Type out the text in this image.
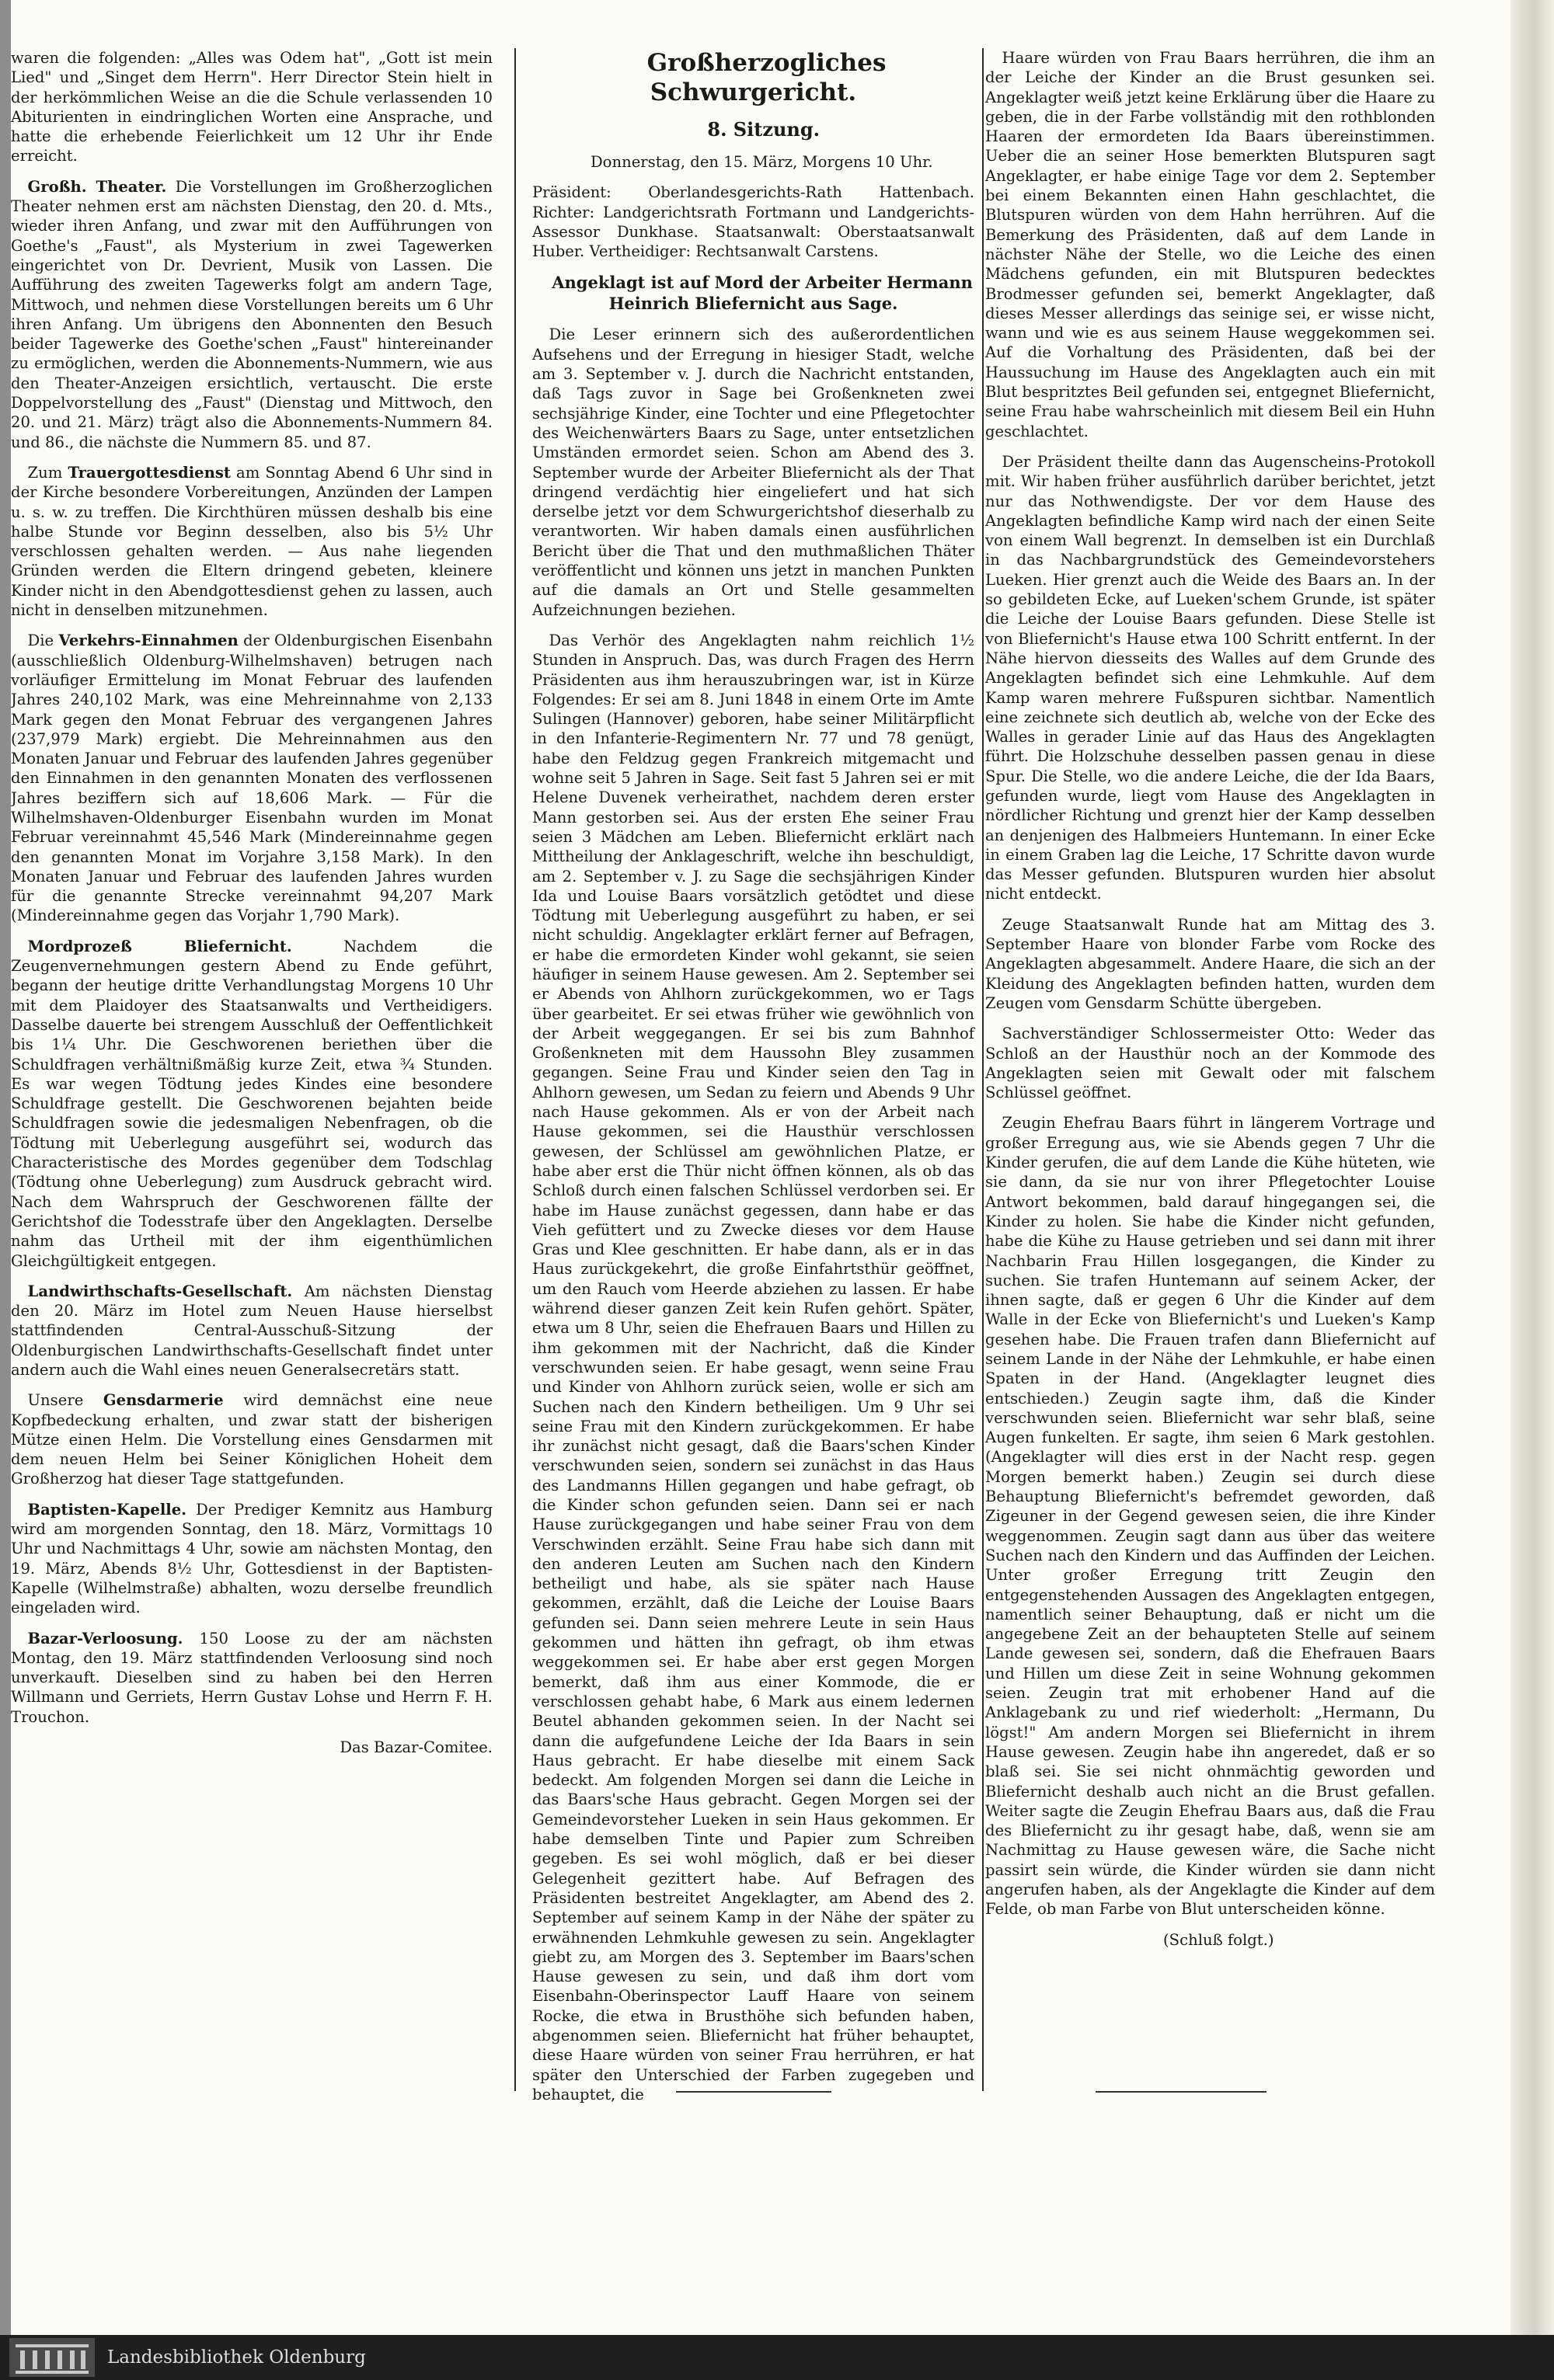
waren die folgenden: „Alles was Odem hat", „Gott ist mein Lied" und „Singet dem Herrn". Herr Director Stein hielt in der herkömmlichen Weise an die die Schule verlassenden 10 Abiturienten in eindringlichen Worten eine Ansprache, und hatte die erhebende Feierlichkeit um 12 Uhr ihr Ende erreicht.

Großh. Theater. Die Vorstellungen im Großherzoglichen Theater nehmen erst am nächsten Dienstag, den 20. d. Mts., wieder ihren Anfang, und zwar mit den Aufführungen von Goethe's „Faust", als Mysterium in zwei Tagewerken eingerichtet von Dr. Devrient, Musik von Lassen. Die Aufführung des zweiten Tagewerks folgt am andern Tage, Mittwoch, und nehmen diese Vorstellungen bereits um 6 Uhr ihren Anfang. Um übrigens den Abonnenten den Besuch beider Tagewerke des Goethe'schen „Faust" hintereinander zu ermöglichen, werden die Abonnements-Nummern, wie aus den Theater-Anzeigen ersichtlich, vertauscht. Die erste Doppelvorstellung des „Faust" (Dienstag und Mittwoch, den 20. und 21. März) trägt also die Abonnements-Nummern 84. und 86., die nächste die Nummern 85. und 87.

Zum Trauergottesdienst am Sonntag Abend 6 Uhr sind in der Kirche besondere Vorbereitungen, Anzünden der Lampen u. s. w. zu treffen. Die Kirchthüren müssen deshalb bis eine halbe Stunde vor Beginn desselben, also bis 5½ Uhr verschlossen gehalten werden. — Aus nahe liegenden Gründen werden die Eltern dringend gebeten, kleinere Kinder nicht in den Abendgottesdienst gehen zu lassen, auch nicht in denselben mitzunehmen.

Die Verkehrs-Einnahmen der Oldenburgischen Eisenbahn (ausschließlich Oldenburg-Wilhelmshaven) betrugen nach vorläufiger Ermittelung im Monat Februar des laufenden Jahres 240,102 Mark, was eine Mehreinnahme von 2,133 Mark gegen den Monat Februar des vergangenen Jahres (237,979 Mark) ergiebt. Die Mehreinnahmen aus den Monaten Januar und Februar des laufenden Jahres gegenüber den Einnahmen in den genannten Monaten des verflossenen Jahres beziffern sich auf 18,606 Mark. — Für die Wilhelmshaven-Oldenburger Eisenbahn wurden im Monat Februar vereinnahmt 45,546 Mark (Mindereinnahme gegen den genannten Monat im Vorjahre 3,158 Mark). In den Monaten Januar und Februar des laufenden Jahres wurden für die genannte Strecke vereinnahmt 94,207 Mark (Mindereinnahme gegen das Vorjahr 1,790 Mark).

Mordprozeß Bliefernicht.	Nachdem die Zeugenvernehmungen gestern Abend zu Ende geführt, begann der heutige dritte Verhandlungstag Morgens 10 Uhr mit dem Plaidoyer des Staatsanwalts und Vertheidigers. Dasselbe dauerte bei strengem Ausschluß der Oeffentlichkeit bis 1¼ Uhr. Die Geschworenen beriethen über die Schuldfragen verhältnißmäßig kurze Zeit, etwa ¾ Stunden. Es war wegen Tödtung jedes Kindes eine besondere Schuldfrage gestellt. Die Geschworenen bejahten beide Schuldfragen sowie die jedesmaligen Nebenfragen, ob die Tödtung mit Ueberlegung ausgeführt sei, wodurch das Characteristische des Mordes gegenüber dem Todschlag (Tödtung ohne Ueberlegung) zum Ausdruck gebracht wird. Nach dem Wahrspruch der Geschworenen fällte der Gerichtshof die Todesstrafe über den Angeklagten. Derselbe nahm das Urtheil mit der ihm eigenthümlichen Gleichgültigkeit entgegen.

Landwirthschafts-Gesellschaft. Am nächsten Dienstag den 20. März im Hotel zum Neuen Hause hierselbst stattfindenden Central-Ausschuß-Sitzung der Oldenburgischen Landwirthschafts-Gesellschaft findet unter andern auch die Wahl eines neuen Generalsecretärs statt.

Unsere Gensdarmerie wird demnächst eine neue Kopfbedeckung erhalten, und zwar statt der bisherigen Mütze einen Helm. Die Vorstellung eines Gensdarmen mit dem neuen Helm bei Seiner Königlichen Hoheit dem Großherzog hat dieser Tage stattgefunden.

Baptisten-Kapelle. Der Prediger Kemnitz aus Hamburg wird am morgenden Sonntag, den 18. März, Vormittags 10 Uhr und Nachmittags 4 Uhr, sowie am nächsten Montag, den 19. März, Abends 8½ Uhr, Gottesdienst in der Baptisten-Kapelle (Wilhelmstraße) abhalten, wozu derselbe freundlich eingeladen wird.

Bazar-Verloosung. 150 Loose zu der am nächsten Montag, den 19. März stattfindenden Verloosung sind noch unverkauft. Dieselben sind zu haben bei den Herren Willmann und Gerriets, Herrn Gustav Lohse und Herrn F. H. Trouchon.

Das Bazar-Comitee.

Großherzogliches Schwurgericht.

8. Sitzung.

Donnerstag, den 15. März, Morgens 10 Uhr.

Präsident: Oberlandesgerichts-Rath Hattenbach. Richter: Landgerichtsrath Fortmann und Landgerichts-Assessor Dunkhase. Staatsanwalt: Oberstaatsanwalt Huber. Vertheidiger: Rechtsanwalt Carstens.

Angeklagt ist auf Mord der Arbeiter Hermann Heinrich Bliefernicht aus Sage.

Die Leser erinnern sich des außerordentlichen Aufsehens und der Erregung in hiesiger Stadt, welche am 3. September v. J. durch die Nachricht entstanden, daß Tags zuvor in Sage bei Großenkneten zwei sechsjährige Kinder, eine Tochter und eine Pflegetochter des Weichenwärters Baars zu Sage, unter entsetzlichen Umständen ermordet seien. Schon am Abend des 3. September wurde der Arbeiter Bliefernicht als der That dringend verdächtig hier eingeliefert und hat sich derselbe jetzt vor dem Schwurgerichtshof dieserhalb zu verantworten. Wir haben damals einen ausführlichen Bericht über die That und den muthmaßlichen Thäter veröffentlicht und können uns jetzt in manchen Punkten auf die damals an Ort und Stelle gesammelten Aufzeichnungen beziehen.

Das Verhör des Angeklagten nahm reichlich 1½ Stunden in Anspruch. Das, was durch Fragen des Herrn Präsidenten aus ihm herauszubringen war, ist in Kürze Folgendes: Er sei am 8. Juni 1848 in einem Orte im Amte Sulingen (Hannover) geboren, habe seiner Militärpflicht in den Infanterie-Regimentern Nr. 77 und 78 genügt, habe den Feldzug gegen Frankreich mitgemacht und wohne seit 5 Jahren in Sage. Seit fast 5 Jahren sei er mit Helene Duvenek verheirathet, nachdem deren erster Mann gestorben sei. Aus der ersten Ehe seiner Frau seien 3 Mädchen am Leben. Bliefernicht erklärt nach Mittheilung der Anklageschrift, welche ihn beschuldigt, am 2. September v. J. zu Sage die sechsjährigen Kinder Ida und Louise Baars vorsätzlich getödtet und diese Tödtung mit Ueberlegung ausgeführt zu haben, er sei nicht schuldig. Angeklagter erklärt ferner auf Befragen, er habe die ermordeten Kinder wohl gekannt, sie seien häufiger in seinem Hause gewesen. Am 2. September sei er Abends von Ahlhorn zurückgekommen, wo er Tags über gearbeitet. Er sei etwas früher wie gewöhnlich von der Arbeit weggegangen. Er sei bis zum Bahnhof Großenkneten mit dem Haussohn Bley zusammen gegangen. Seine Frau und Kinder seien den Tag in Ahlhorn gewesen, um Sedan zu feiern und Abends 9 Uhr nach Hause gekommen. Als er von der Arbeit nach Hause gekommen, sei die Hausthür verschlossen gewesen, der Schlüssel am gewöhnlichen Platze, er habe aber erst die Thür nicht öffnen können, als ob das Schloß durch einen falschen Schlüssel verdorben sei. Er habe im Hause zunächst gegessen, dann habe er das Vieh gefüttert und zu Zwecke dieses vor dem Hause Gras und Klee geschnitten. Er habe dann, als er in das Haus zurückgekehrt, die große Einfahrtsthür geöffnet, um den Rauch vom Heerde abziehen zu lassen. Er habe während dieser ganzen Zeit kein Rufen gehört. Später, etwa um 8 Uhr, seien die Ehefrauen Baars und Hillen zu ihm gekommen mit der Nachricht, daß die Kinder verschwunden seien. Er habe gesagt, wenn seine Frau und Kinder von Ahlhorn zurück seien, wolle er sich am Suchen nach den Kindern betheiligen. Um 9 Uhr sei seine Frau mit den Kindern zurückgekommen. Er habe ihr zunächst nicht gesagt, daß die Baars'schen Kinder verschwunden seien, sondern sei zunächst in das Haus des Landmanns Hillen gegangen und habe gefragt, ob die Kinder schon gefunden seien. Dann sei er nach Hause zurückgegangen und habe seiner Frau von dem Verschwinden erzählt. Seine Frau habe sich dann mit den anderen Leuten am Suchen nach den Kindern betheiligt und habe, als sie später nach Hause gekommen, erzählt, daß die Leiche der Louise Baars gefunden sei. Dann seien mehrere Leute in sein Haus gekommen und hätten ihn gefragt, ob ihm etwas weggekommen sei. Er habe aber erst gegen Morgen bemerkt, daß ihm aus einer Kommode, die er verschlossen gehabt habe, 6 Mark aus einem ledernen Beutel abhanden gekommen seien. In der Nacht sei dann die aufgefundene Leiche der Ida Baars in sein Haus gebracht. Er habe dieselbe mit einem Sack bedeckt. Am folgenden Morgen sei dann die Leiche in das Baars'sche Haus gebracht. Gegen Morgen sei der Gemeindevorsteher Lueken in sein Haus gekommen. Er habe demselben Tinte und Papier zum Schreiben gegeben. Es sei wohl möglich, daß er bei dieser Gelegenheit gezittert habe. Auf Befragen des Präsidenten bestreitet Angeklagter, am Abend des 2. September auf seinem Kamp in der Nähe der später zu erwähnenden Lehmkuhle gewesen zu sein. Angeklagter giebt zu, am Morgen des 3. September im Baars'schen Hause gewesen zu sein, und daß ihm dort vom Eisenbahn-Oberinspector Lauff Haare von seinem Rocke, die etwa in Brusthöhe sich befunden haben, abgenommen seien. Bliefernicht hat früher behauptet, diese Haare würden von seiner Frau herrühren, er hat später den Unterschied der Farben zugegeben und behauptet, die

Haare würden von Frau Baars herrühren, die ihm an der Leiche der Kinder an die Brust gesunken sei. Angeklagter weiß jetzt keine Erklärung über die Haare zu geben, die in der Farbe vollständig mit den rothblonden Haaren der ermordeten Ida Baars übereinstimmen. Ueber die an seiner Hose bemerkten Blutspuren sagt Angeklagter, er habe einige Tage vor dem 2. September bei einem Bekannten einen Hahn geschlachtet, die Blutspuren würden von dem Hahn herrühren. Auf die Bemerkung des Präsidenten, daß auf dem Lande in nächster Nähe der Stelle, wo die Leiche des einen Mädchens gefunden, ein mit Blutspuren bedecktes Brodmesser gefunden sei, bemerkt Angeklagter, daß dieses Messer allerdings das seinige sei, er wisse nicht, wann und wie es aus seinem Hause weggekommen sei. Auf die Vorhaltung des Präsidenten, daß bei der Haussuchung im Hause des Angeklagten auch ein mit Blut bespritztes Beil gefunden sei, entgegnet Bliefernicht, seine Frau habe wahrscheinlich mit diesem Beil ein Huhn geschlachtet.

Der Präsident theilte dann das Augenscheins-Protokoll mit. Wir haben früher ausführlich darüber berichtet, jetzt nur das Nothwendigste. Der vor dem Hause des Angeklagten befindliche Kamp wird nach der einen Seite von einem Wall begrenzt. In demselben ist ein Durchlaß in das Nachbargrundstück des Gemeindevorstehers Lueken. Hier grenzt auch die Weide des Baars an. In der so gebildeten Ecke, auf Lueken'schem Grunde, ist später die Leiche der Louise Baars gefunden. Diese Stelle ist von Bliefernicht's Hause etwa 100 Schritt entfernt. In der Nähe hiervon diesseits des Walles auf dem Grunde des Angeklagten befindet sich eine Lehmkuhle. Auf dem Kamp waren mehrere Fußspuren sichtbar. Namentlich eine zeichnete sich deutlich ab, welche von der Ecke des Walles in gerader Linie auf das Haus des Angeklagten führt. Die Holzschuhe desselben passen genau in diese Spur. Die Stelle, wo die andere Leiche, die der Ida Baars, gefunden wurde, liegt vom Hause des Angeklagten in nördlicher Richtung und grenzt hier der Kamp desselben an denjenigen des Halbmeiers Huntemann. In einer Ecke in einem Graben lag die Leiche, 17 Schritte davon wurde das Messer gefunden. Blutspuren wurden hier absolut nicht entdeckt.

Zeuge Staatsanwalt Runde hat am Mittag des 3. September Haare von blonder Farbe vom Rocke des Angeklagten abgesammelt. Andere Haare, die sich an der Kleidung des Angeklagten befinden hatten, wurden dem Zeugen vom Gensdarm Schütte übergeben.

Sachverständiger Schlossermeister Otto: Weder das Schloß an der Hausthür noch an der Kommode des Angeklagten seien mit Gewalt oder mit falschem Schlüssel geöffnet.

Zeugin Ehefrau Baars führt in längerem Vortrage und großer Erregung aus, wie sie Abends gegen 7 Uhr die Kinder gerufen, die auf dem Lande die Kühe hüteten, wie sie dann, da sie nur von ihrer Pflegetochter Louise Antwort bekommen, bald darauf hingegangen sei, die Kinder zu holen. Sie habe die Kinder nicht gefunden, habe die Kühe zu Hause getrieben und sei dann mit ihrer Nachbarin Frau Hillen losgegangen, die Kinder zu suchen. Sie trafen Huntemann auf seinem Acker, der ihnen sagte, daß er gegen 6 Uhr die Kinder auf dem Walle in der Ecke von Bliefernicht's und Lueken's Kamp gesehen habe. Die Frauen trafen dann Bliefernicht auf seinem Lande in der Nähe der Lehmkuhle, er habe einen Spaten in der Hand. (Angeklagter leugnet dies entschieden.) Zeugin sagte ihm, daß die Kinder verschwunden seien. Bliefernicht war sehr blaß, seine Augen funkelten. Er sagte, ihm seien 6 Mark gestohlen. (Angeklagter will dies erst in der Nacht resp. gegen Morgen bemerkt haben.) Zeugin sei durch diese Behauptung Bliefernicht's befremdet geworden, daß Zigeuner in der Gegend gewesen seien, die ihre Kinder weggenommen. Zeugin sagt dann aus über das weitere Suchen nach den Kindern und das Auffinden der Leichen. Unter großer Erregung tritt Zeugin den entgegenstehenden Aussagen des Angeklagten entgegen, namentlich seiner Behauptung, daß er nicht um die angegebene Zeit an der behaupteten Stelle auf seinem Lande gewesen sei, sondern, daß die Ehefrauen Baars und Hillen um diese Zeit in seine Wohnung gekommen seien. Zeugin trat mit erhobener Hand auf die Anklagebank zu und rief wiederholt: „Hermann, Du lögst!" Am andern Morgen sei Bliefernicht in ihrem Hause gewesen. Zeugin habe ihn angeredet, daß er so blaß sei. Sie sei nicht ohnmächtig geworden und Bliefernicht deshalb auch nicht an die Brust gefallen. Weiter sagte die Zeugin Ehefrau Baars aus, daß die Frau des Bliefernicht zu ihr gesagt habe, daß, wenn sie am Nachmittag zu Hause gewesen wäre, die Sache nicht passirt sein würde, die Kinder würden sie dann nicht angerufen haben, als der Angeklagte die Kinder auf dem Felde, ob man Farbe von Blut unterscheiden könne.

(Schluß folgt.)

Landesbibliothek Oldenburg
